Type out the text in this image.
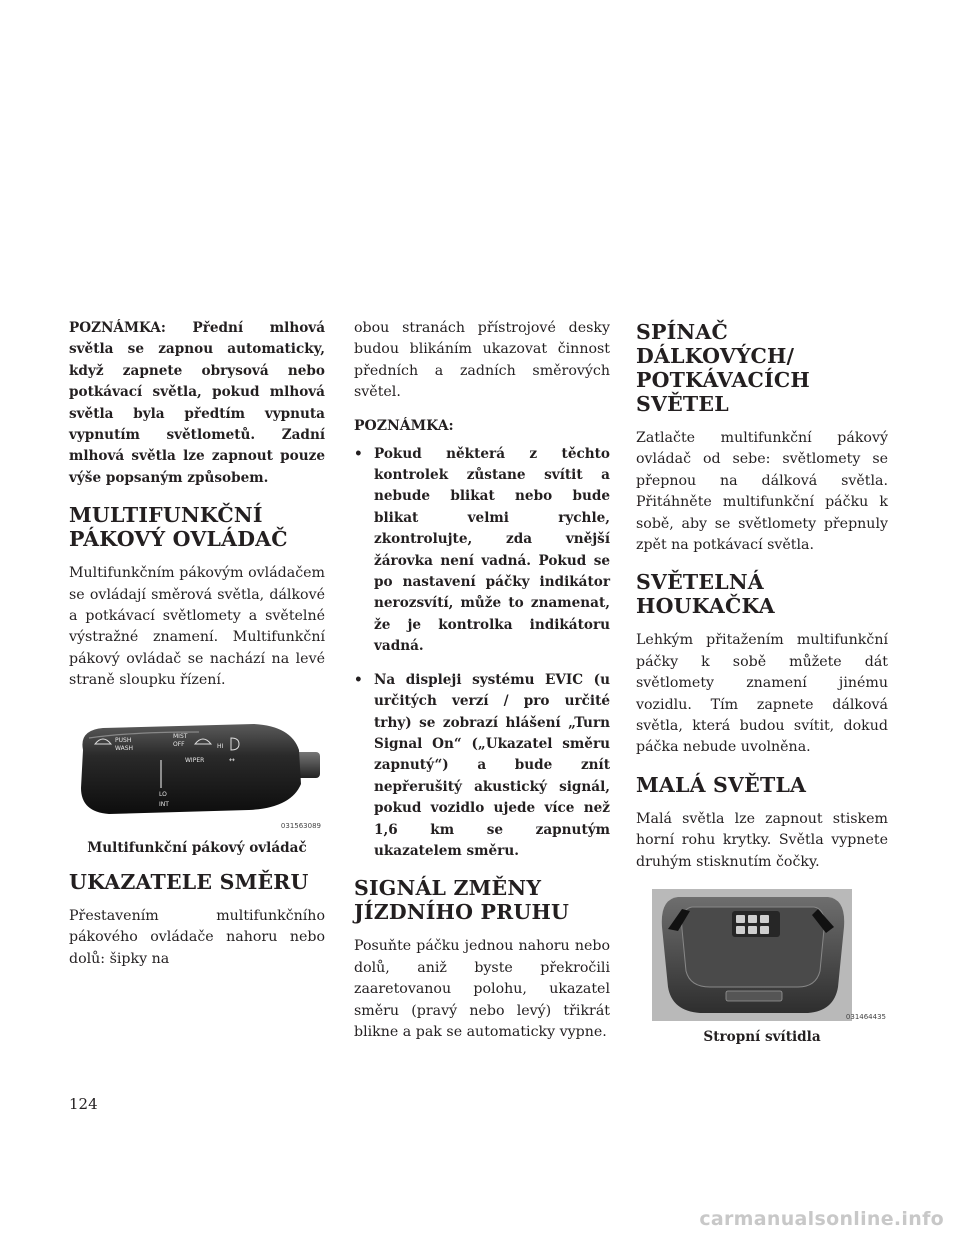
POZNÁMKA: Přední mlhová světla se zapnou automaticky, když zapnete obrysová nebo potkávací světla, pokud mlhová světla byla předtím vypnuta vypnutím světlometů. Zadní mlhová světla lze zapnout pouze výše popsaným způsobem.

MULTIFUNKČNÍ PÁKOVÝ OVLÁDAČ

Multifunkčním pákovým ovládačem se ovládají směrová světla, dálkové a potkávací světlomety a světelné výstražné znamení. Multifunkční pákový ovládač se nachází na levé straně sloupku řízení.

PUSH
WASH
MIST
OFF
WIPER
LO
INT
HI
↔
031563089
Multifunkční pákový ovládač
UKAZATELE SMĚRU

Přestavením multifunkčního pákového ovládače nahoru nebo dolů: šipky na

obou stranách přístrojové desky budou blikáním ukazovat činnost předních a zadních směrových světel.

POZNÁMKA:
• Pokud některá z těchto kontrolek zůstane svítit a nebude blikat nebo bude blikat velmi rychle, zkontrolujte, zda vnější žárovka není vadná. Pokud se po nastavení páčky indikátor nerozsvítí, může to znamenat, že je kontrolka indikátoru vadná.
• Na displeji systému EVIC (u určitých verzí / pro určité trhy) se zobrazí hlášení „Turn Signal On“ („Ukazatel směru zapnutý“) a bude znít nepřerušitý akustický signál, pokud vozidlo ujede více než 1,6 km se zapnutým ukazatelem směru.
SIGNÁL ZMĚNY JÍZDNÍHO PRUHU

Posuňte páčku jednou nahoru nebo dolů, aniž byste překročili zaaretovanou polohu, ukazatel směru (pravý nebo levý) třikrát blikne a pak se automaticky vypne.

SPÍNAČ DÁLKOVÝCH/ POTKÁVACÍCH SVĚTEL

Zatlačte multifunkční pákový ovládač od sebe: světlomety se přepnou na dálková světla. Přitáhněte multifunkční páčku k sobě, aby se světlomety přepnuly zpět na potkávací světla.

SVĚTELNÁ HOUKAČKA

Lehkým přitažením multifunkční páčky k sobě můžete dát světlomety znamení jinému vozidlu. Tím zapnete dálková světla, která budou svítit, dokud páčka nebude uvolněna.

MALÁ SVĚTLA

Malá světla lze zapnout stiskem horní rohu krytky. Světla vypnete druhým stisknutím čočky.

031464435
Stropní svítidla
124
carmanualsonline.info
